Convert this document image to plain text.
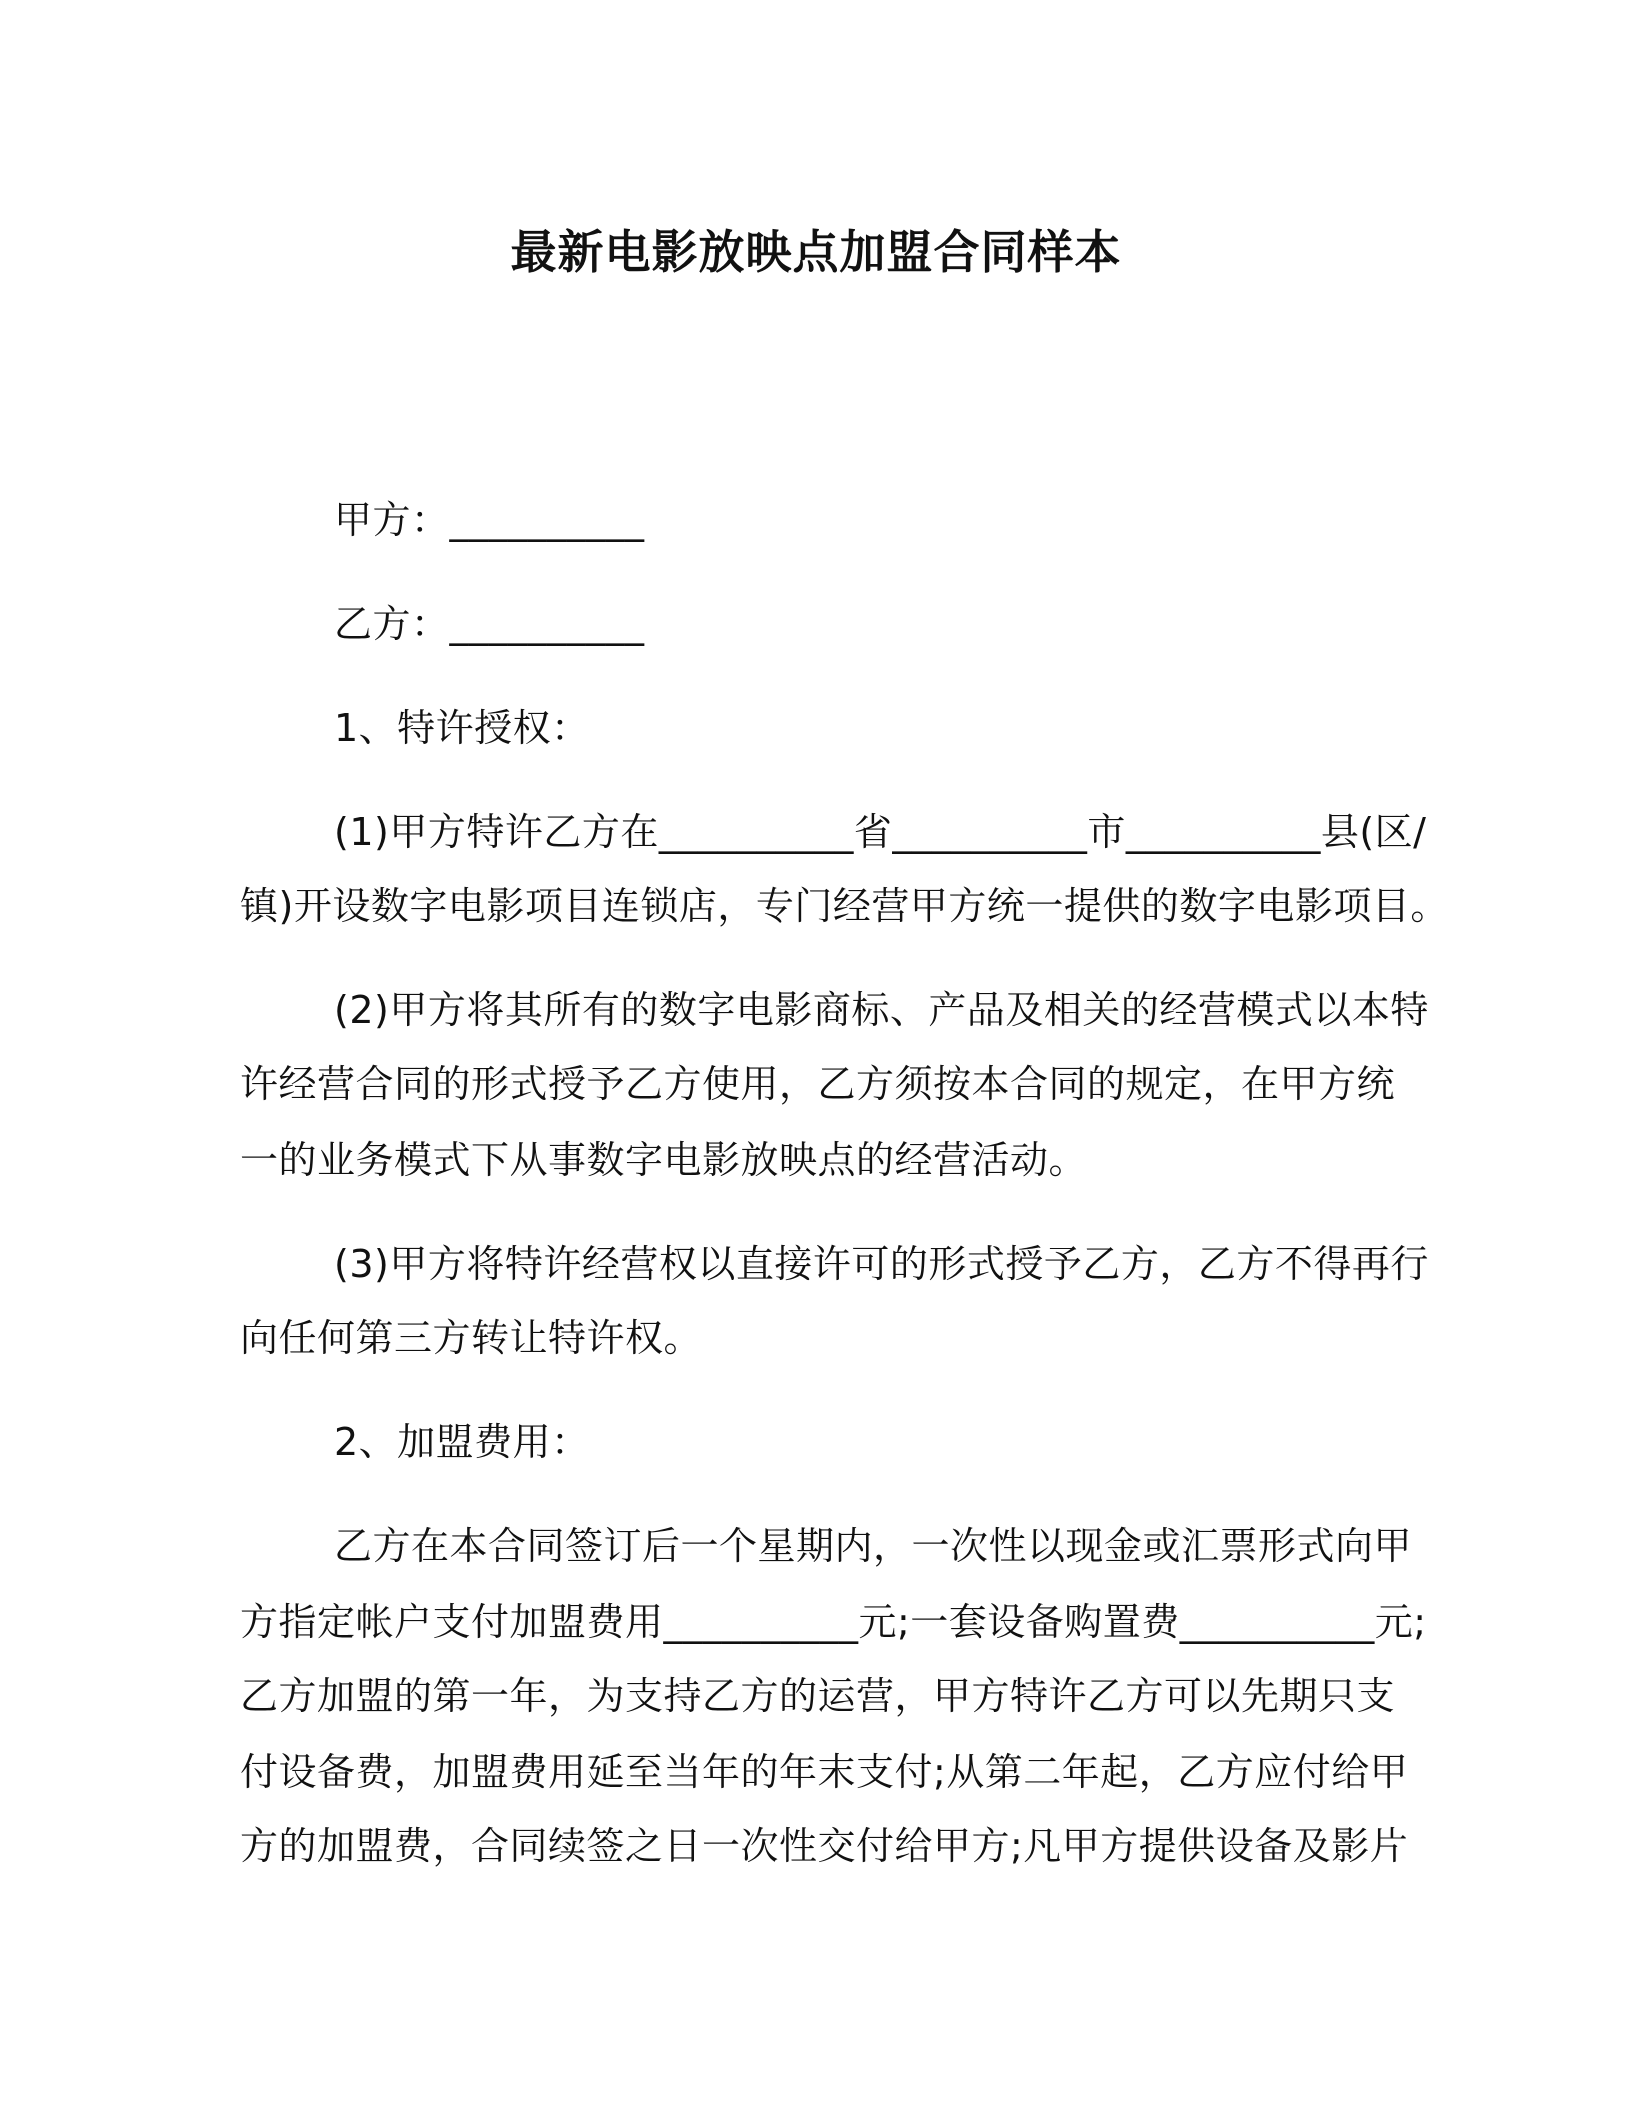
最新电影放映点加盟合同样本
甲方：__________
乙方：__________
1、特许授权：
(1)甲方特许乙方在__________省__________市__________县(区/
镇)开设数字电影项目连锁店，专门经营甲方统一提供的数字电影项目。
(2)甲方将其所有的数字电影商标、产品及相关的经营模式以本特
许经营合同的形式授予乙方使用，乙方须按本合同的规定，在甲方统
一的业务模式下从事数字电影放映点的经营活动。
(3)甲方将特许经营权以直接许可的形式授予乙方，乙方不得再行
向任何第三方转让特许权。
2、加盟费用：
乙方在本合同签订后一个星期内，一次性以现金或汇票形式向甲
方指定帐户支付加盟费用__________元;一套设备购置费__________元;
乙方加盟的第一年，为支持乙方的运营，甲方特许乙方可以先期只支
付设备费，加盟费用延至当年的年末支付;从第二年起，乙方应付给甲
方的加盟费，合同续签之日一次性交付给甲方;凡甲方提供设备及影片
